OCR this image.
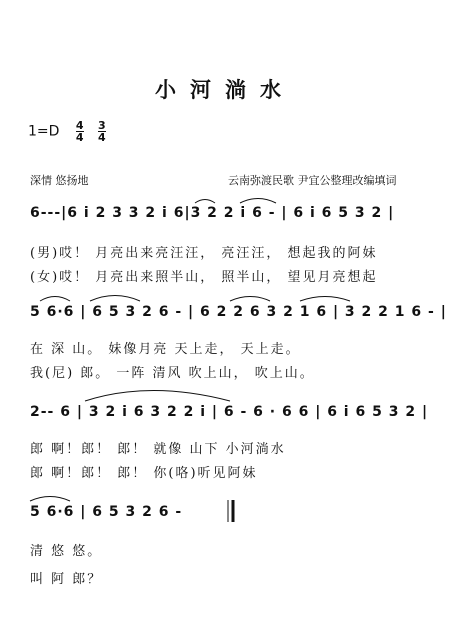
小河淌水
$1=D \frac{4}{4}$
$\frac{3}{4}$
深情 悠扬地	云南弥渡民歌 尹宜公整理改编填词
6---|6 i 2 3 3 2 i 6|3 2 2 i 6 - | 6 i 6 5 3 2 |
(男)哎！ 月亮出来亮汪汪， 亮汪汪， 想起我的阿妹
(女)哎！ 月亮出来照半山， 照半山， 望见月亮想起
5 6·6 | 6 5 3 2 6 - | 6 2 2 6 3 2 1 6 | 3 2 2 1 6 - |
在 深 山。 妹像月亮 天上走， 天上走。
我(尼) 郎。 一阵 清风 吹上山， 吹上山。
2-- 6 | 3 2 i 6 3 2 2 i | 6 - 6 · 6 6 | 6 i 6 5 3 2 |
郎 啊！郎！ 郎！ 就像 山下 小河淌水
郎 啊！郎！ 郎！ 你(咯)听见阿妹
5 6·6 | 6 5 3 2 6 -
清 悠 悠。
叫 阿 郎？
